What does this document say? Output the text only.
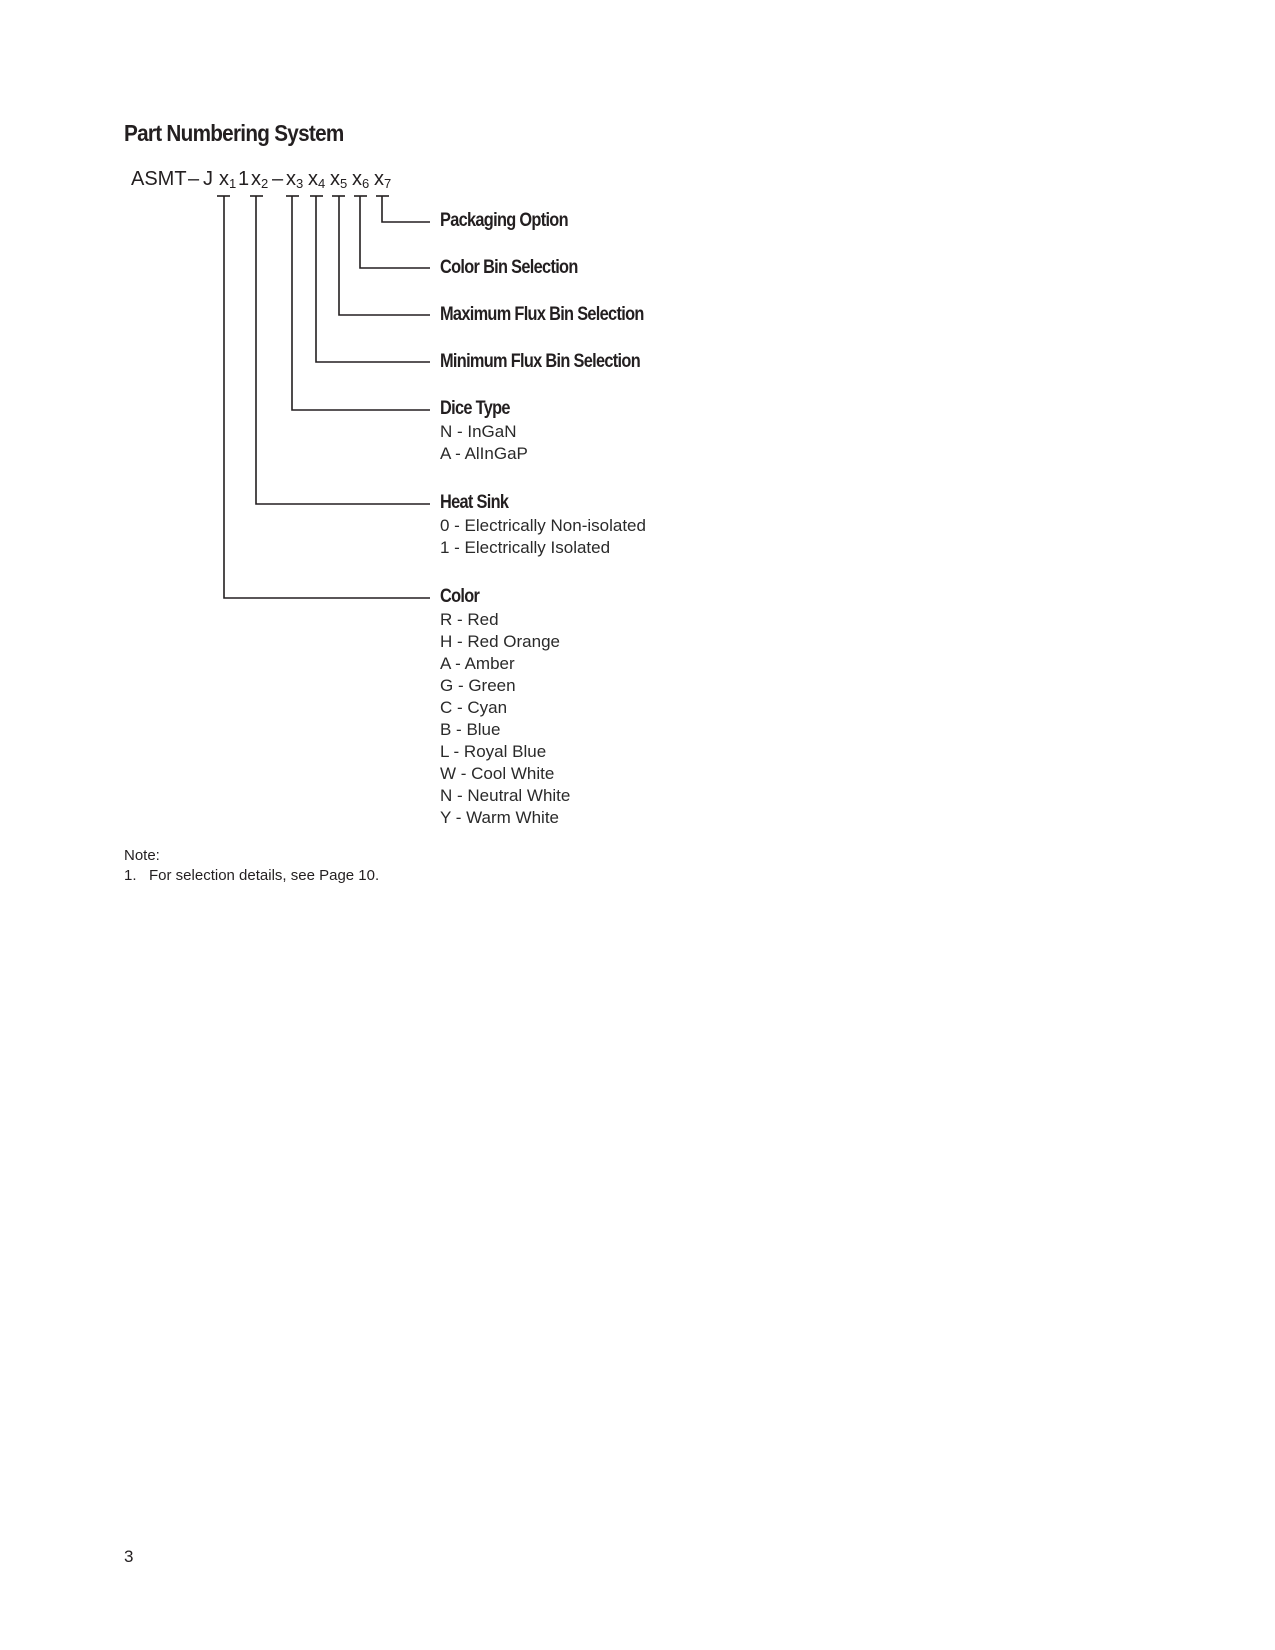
Part Numbering System
ASMT – J $x_1$ 1 $x_2 - x_3$ $x_4$ $x_5$ $x_6$ $x_7$
Packaging Option
Color Bin Selection
Maximum Flux Bin Selection
Minimum Flux Bin Selection
Dice Type
N - InGaN
A - AlInGaP
Heat Sink
0 - Electrically Non-isolated
1 - Electrically Isolated
Color
R - Red
H - Red Orange
A - Amber
G - Green
C - Cyan
B - Blue
L - Royal Blue
W - Cool White
N - Neutral White
Y - Warm White
Note:
1.   For selection details, see Page 10.
3
